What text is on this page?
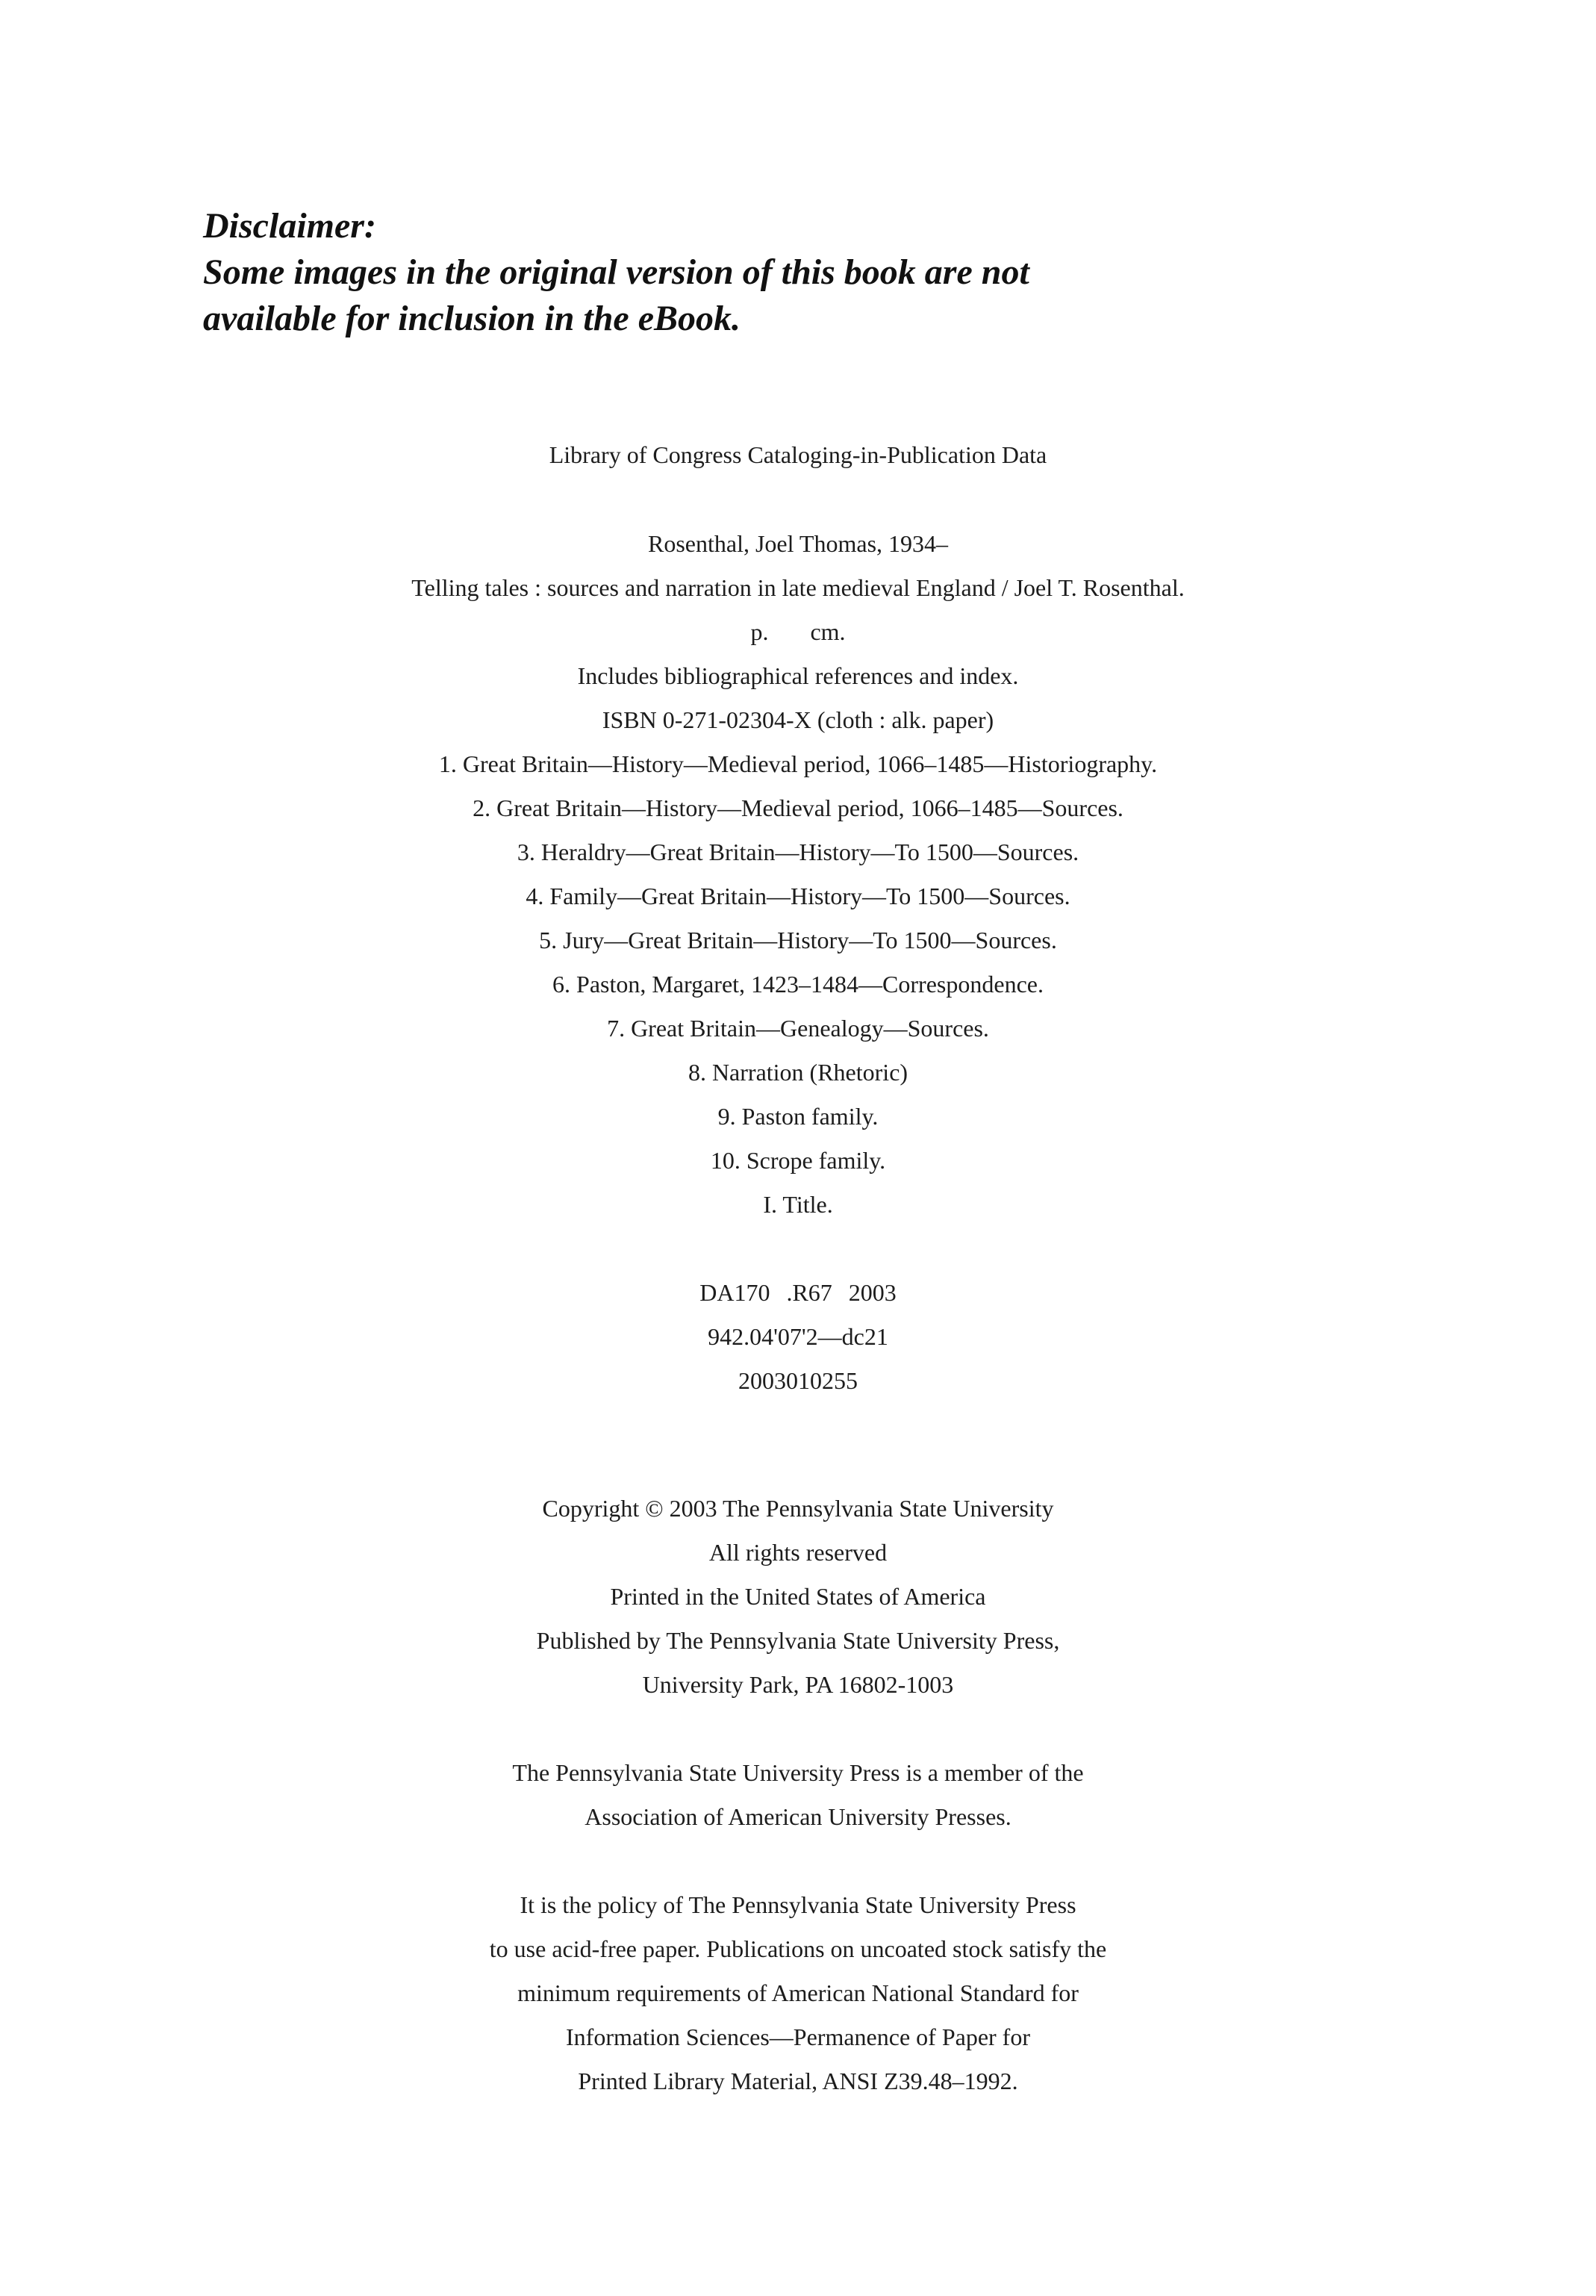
Disclaimer:
Some images in the original version of this book are not
available for inclusion in the eBook.
Library of Congress Cataloging-in-Publication Data
Rosenthal, Joel Thomas, 1934–
Telling tales : sources and narration in late medieval England / Joel T. Rosenthal.
p. cm.
Includes bibliographical references and index.
ISBN 0-271-02304-X (cloth : alk. paper)
1. Great Britain—History—Medieval period, 1066–1485—Historiography.
2. Great Britain—History—Medieval period, 1066–1485—Sources.
3. Heraldry—Great Britain—History—To 1500—Sources.
4. Family—Great Britain—History—To 1500—Sources.
5. Jury—Great Britain—History—To 1500—Sources.
6. Paston, Margaret, 1423–1484—Correspondence.
7. Great Britain—Genealogy—Sources.
8. Narration (Rhetoric)
9. Paston family.
10. Scrope family.
I. Title.
DA170 .R67 2003
942.04'07'2—dc21
2003010255
Copyright © 2003 The Pennsylvania State University
All rights reserved
Printed in the United States of America
Published by The Pennsylvania State University Press,
University Park, PA 16802-1003
The Pennsylvania State University Press is a member of the
Association of American University Presses.
It is the policy of The Pennsylvania State University Press
to use acid-free paper. Publications on uncoated stock satisfy the
minimum requirements of American National Standard for
Information Sciences—Permanence of Paper for
Printed Library Material, ANSI Z39.48–1992.
